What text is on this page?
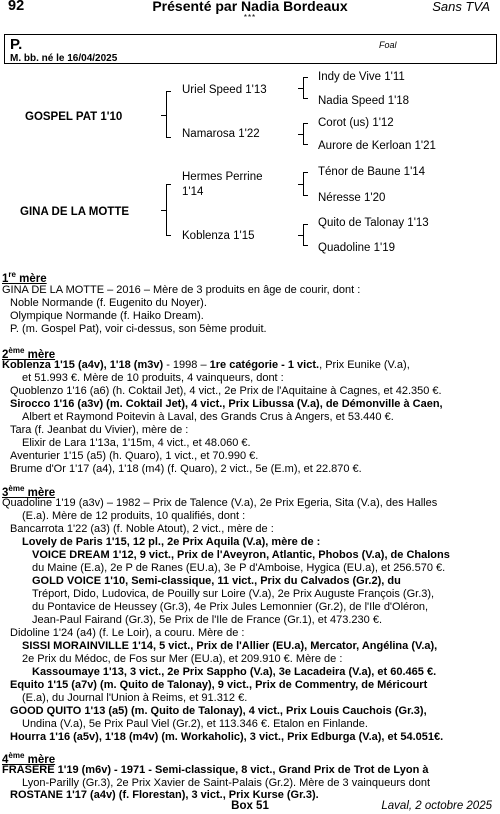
92	Présenté par Nadia Bordeaux	Sans TVA
***
P.	Foal
M. bb. né le 16/04/2025
GOSPEL PAT 1'10
GINA DE LA MOTTE
Uriel Speed 1'13
Namarosa 1'22
Hermes Perrine
1'14
Koblenza 1'15
Indy de Vive 1'11
Nadia Speed 1'18
Corot (us) 1'12
Aurore de Kerloan 1'21
Ténor de Baune 1'14
Néresse 1'20
Quito de Talonay 1'13
Quadoline 1'19
1re mère
GINA DE LA MOTTE – 2016 – Mère de 3 produits en âge de courir, dont :
Noble Normande (f. Eugenito du Noyer).
Olympique Normande (f. Haiko Dream).
P. (m. Gospel Pat), voir ci-dessus, son 5ème produit.
2ème mère
Koblenza 1'15 (a4v), 1'18 (m3v) - 1998 – 1re catégorie - 1 vict., Prix Eunike (V.a),
et 51.993 €. Mère de 10 produits, 4 vainqueurs, dont :
Quoblenzo 1'16 (a6) (h. Coktail Jet), 4 vict., 2e Prix de l'Aquitaine à Cagnes, et 42.350 €.
Sirocco 1'16 (a3v) (m. Coktail Jet), 4 vict., Prix Libussa (V.a), de Démonville à Caen,
Albert et Raymond Poitevin à Laval, des Grands Crus à Angers, et 53.440 €.
Tara (f. Jeanbat du Vivier), mère de :
Elixir de Lara 1'13a, 1'15m, 4 vict., et 48.060 €.
Aventurier 1'15 (a5) (h. Quaro), 1 vict., et 70.990 €.
Brume d'Or 1'17 (a4), 1'18 (m4) (f. Quaro), 2 vict., 5e (E.m), et 22.870 €.
3ème mère
Quadoline 1'19 (a3v) – 1982 – Prix de Talence (V.a), 2e Prix Egeria, Sita (V.a), des Halles
(E.a). Mère de 12 produits, 10 qualifiés, dont :
Bancarrota 1'22 (a3) (f. Noble Atout), 2 vict., mère de :
Lovely de Paris 1'15, 12 pl., 2e Prix Aquila (V.a), mère de :
VOICE DREAM 1'12, 9 vict., Prix de l'Aveyron, Atlantic, Phobos (V.a), de Chalons
du Maine (E.a), 2e P de Ranes (EU.a), 3e P d'Amboise, Hygica (EU.a), et 256.570 €.
GOLD VOICE 1'10, Semi-classique, 11 vict., Prix du Calvados (Gr.2), du
Tréport, Dido, Ludovica, de Pouilly sur Loire (V.a), 2e Prix Auguste François (Gr.3),
du Pontavice de Heussey (Gr.3), 4e Prix Jules Lemonnier (Gr.2), de l'Ile d'Oléron,
Jean-Paul Fairand (Gr.3), 5e Prix de l'Ile de France (Gr.1), et 473.230 €.
Didoline 1'24 (a4) (f. Le Loir), a couru. Mère de :
SISSI MORAINVILLE 1'14, 5 vict., Prix de l'Allier (EU.a), Mercator, Angélina (V.a),
2e Prix du Médoc, de Fos sur Mer (EU.a), et 209.910 €. Mère de :
Kassoumaye 1'13, 3 vict., 2e Prix Sappho (V.a), 3e Lacadeira (V.a), et 60.465 €.
Equito 1'15 (a7v) (m. Quito de Talonay), 9 vict., Prix de Commentry, de Méricourt
(E.a), du Journal l'Union à Reims, et 91.312 €.
GOOD QUITO 1'13 (a5) (m. Quito de Talonay), 4 vict., Prix Louis Cauchois (Gr.3),
Undina (V.a), 5e Prix Paul Viel (Gr.2), et 113.346 €. Etalon en Finlande.
Hourra 1'16 (a5v), 1'18 (m4v) (m. Workaholic), 3 vict., Prix Edburga (V.a), et 54.051€.
4ème mère
FRASERE 1'19 (m6v) - 1971 - Semi-classique, 8 vict., Grand Prix de Trot de Lyon à
Lyon-Parilly (Gr.3), 2e Prix Xavier de Saint-Palais (Gr.2). Mère de 3 vainqueurs dont
ROSTANE 1'17 (a4v) (f. Florestan), 3 vict., Prix Kurse (Gr.3).
Box 51	Laval, 2 octobre 2025
